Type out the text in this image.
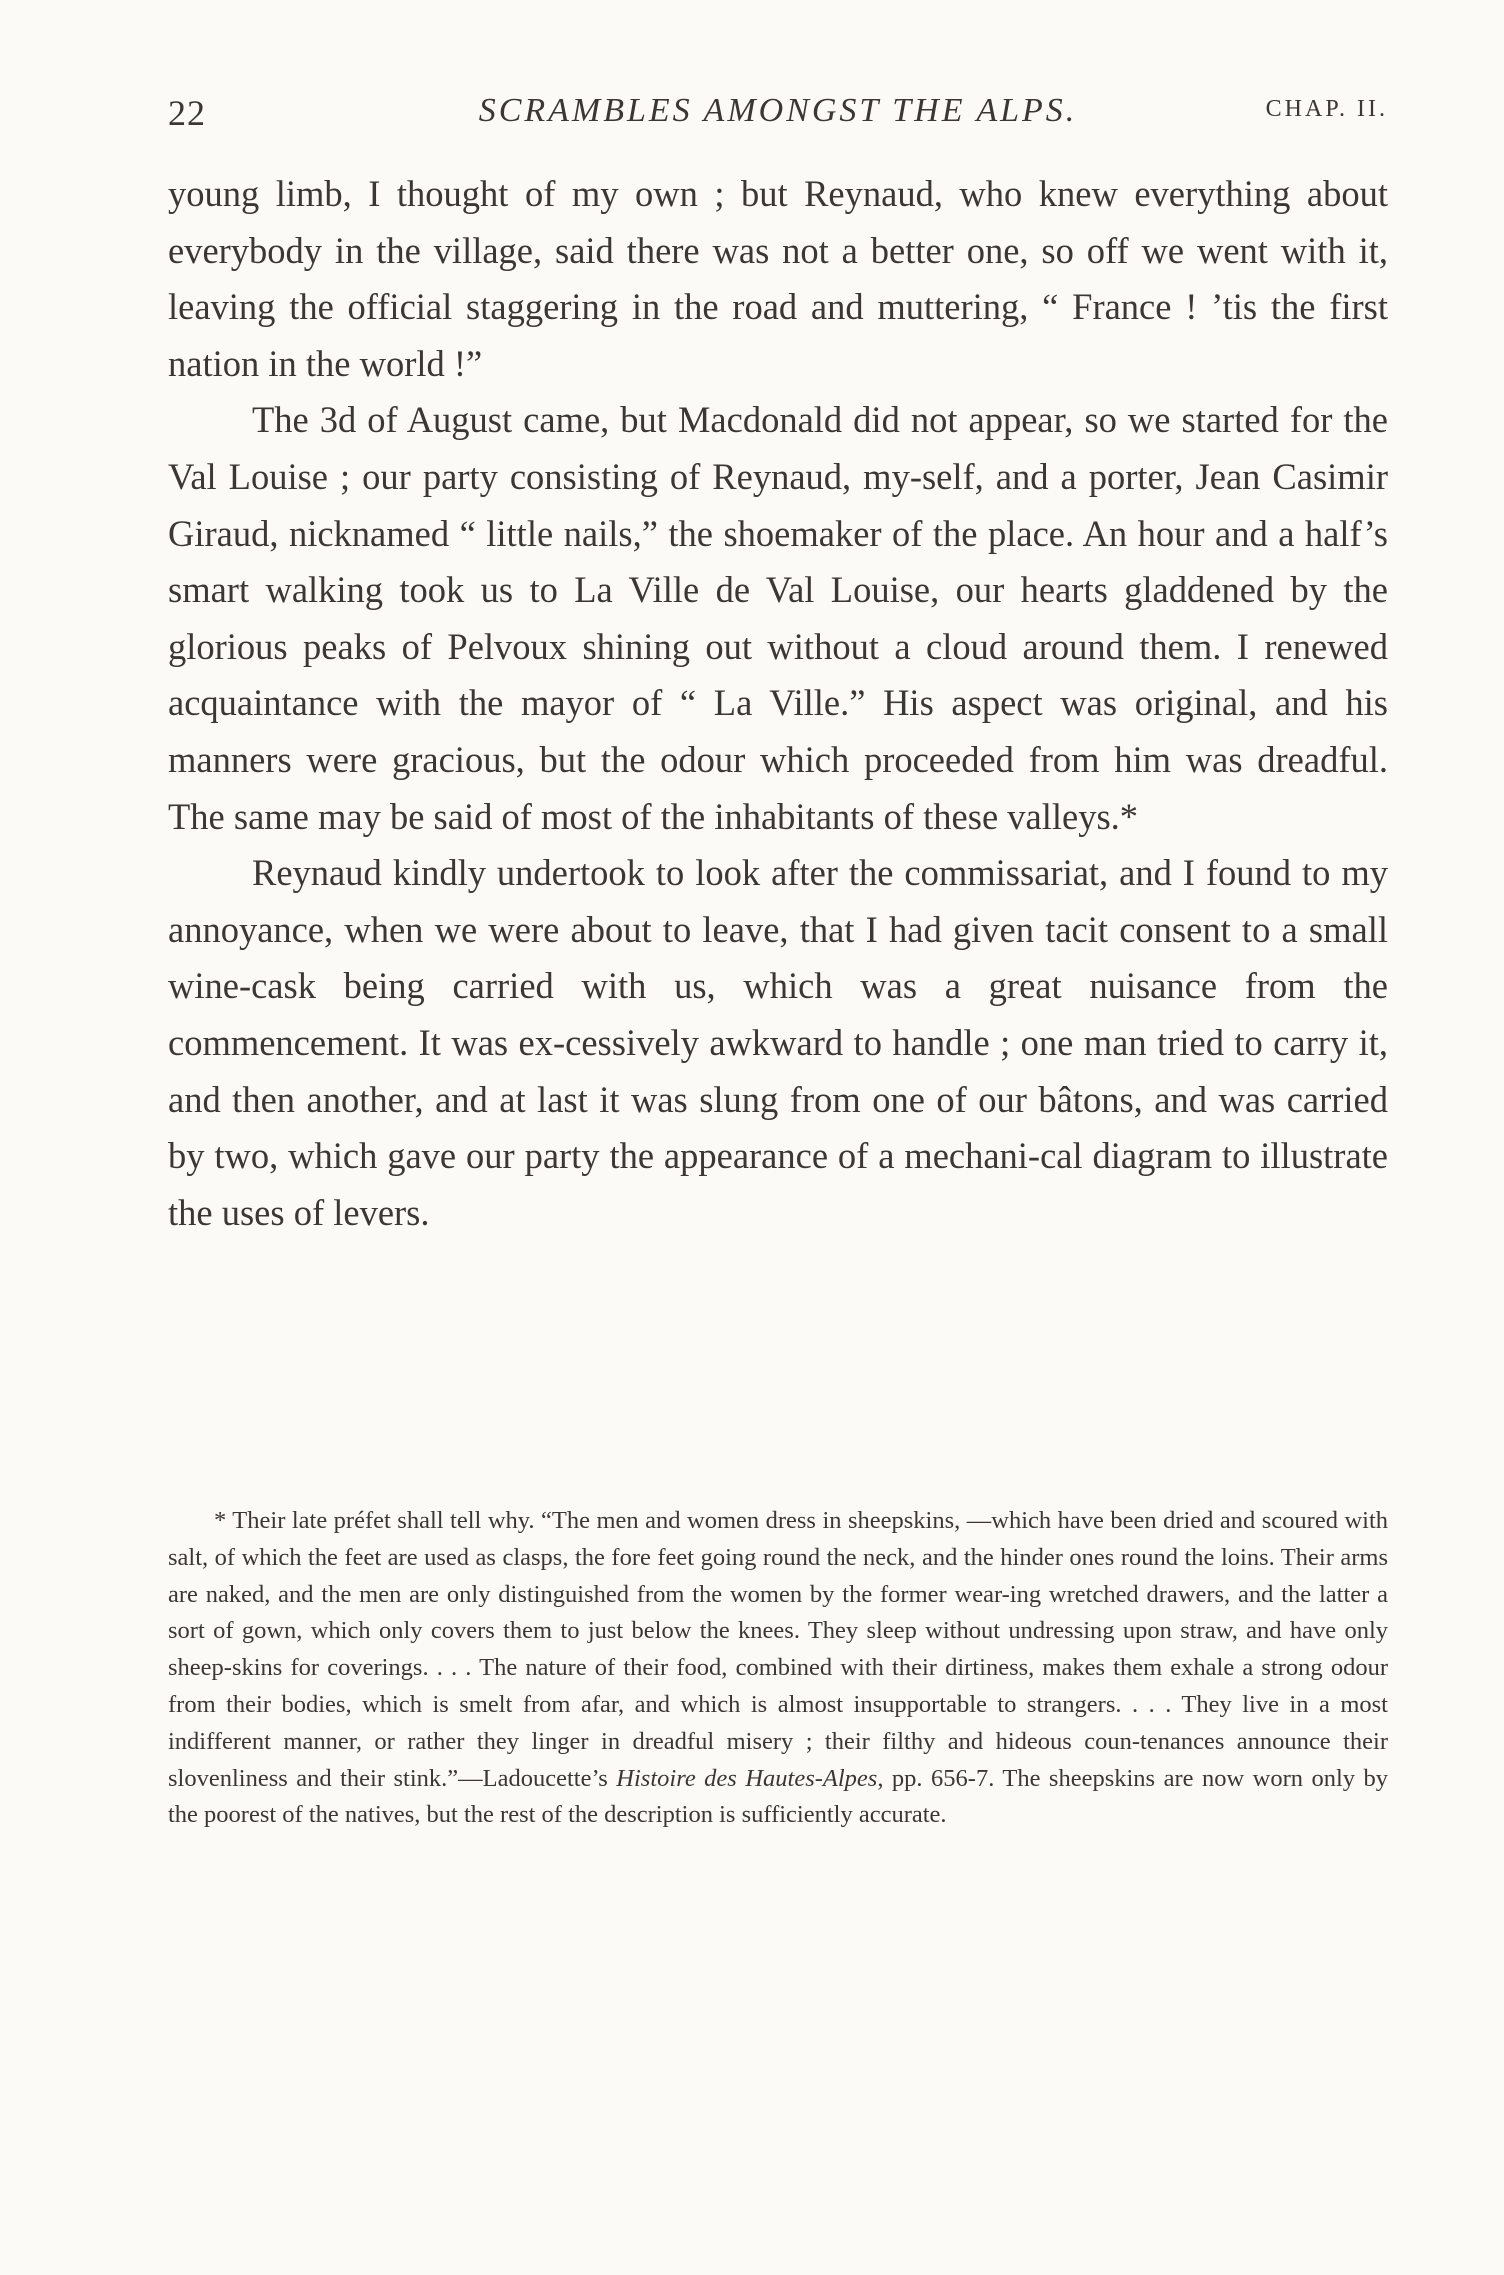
22	SCRAMBLES AMONGST THE ALPS.	CHAP. II.

young limb, I thought of my own ; but Reynaud, who knew everything about everybody in the village, said there was not a better one, so off we went with it, leaving the official staggering in the road and muttering, “ France ! ’tis the first nation in the world !”

The 3d of August came, but Macdonald did not appear, so we started for the Val Louise ; our party consisting of Reynaud, my-self, and a porter, Jean Casimir Giraud, nicknamed “ little nails,” the shoemaker of the place. An hour and a half’s smart walking took us to La Ville de Val Louise, our hearts gladdened by the glorious peaks of Pelvoux shining out without a cloud around them. I renewed acquaintance with the mayor of “ La Ville.” His aspect was original, and his manners were gracious, but the odour which proceeded from him was dreadful. The same may be said of most of the inhabitants of these valleys.*

Reynaud kindly undertook to look after the commissariat, and I found to my annoyance, when we were about to leave, that I had given tacit consent to a small wine-cask being carried with us, which was a great nuisance from the commencement. It was ex-cessively awkward to handle ; one man tried to carry it, and then another, and at last it was slung from one of our bâtons, and was carried by two, which gave our party the appearance of a mechani-cal diagram to illustrate the uses of levers.

* Their late préfet shall tell why. “The men and women dress in sheepskins, —which have been dried and scoured with salt, of which the feet are used as clasps, the fore feet going round the neck, and the hinder ones round the loins. Their arms are naked, and the men are only distinguished from the women by the former wear-ing wretched drawers, and the latter a sort of gown, which only covers them to just below the knees. They sleep without undressing upon straw, and have only sheep-skins for coverings. . . . The nature of their food, combined with their dirtiness, makes them exhale a strong odour from their bodies, which is smelt from afar, and which is almost insupportable to strangers. . . . They live in a most indifferent manner, or rather they linger in dreadful misery ; their filthy and hideous coun-tenances announce their slovenliness and their stink.”—Ladoucette’s Histoire des Hautes-Alpes, pp. 656-7. The sheepskins are now worn only by the poorest of the natives, but the rest of the description is sufficiently accurate.
